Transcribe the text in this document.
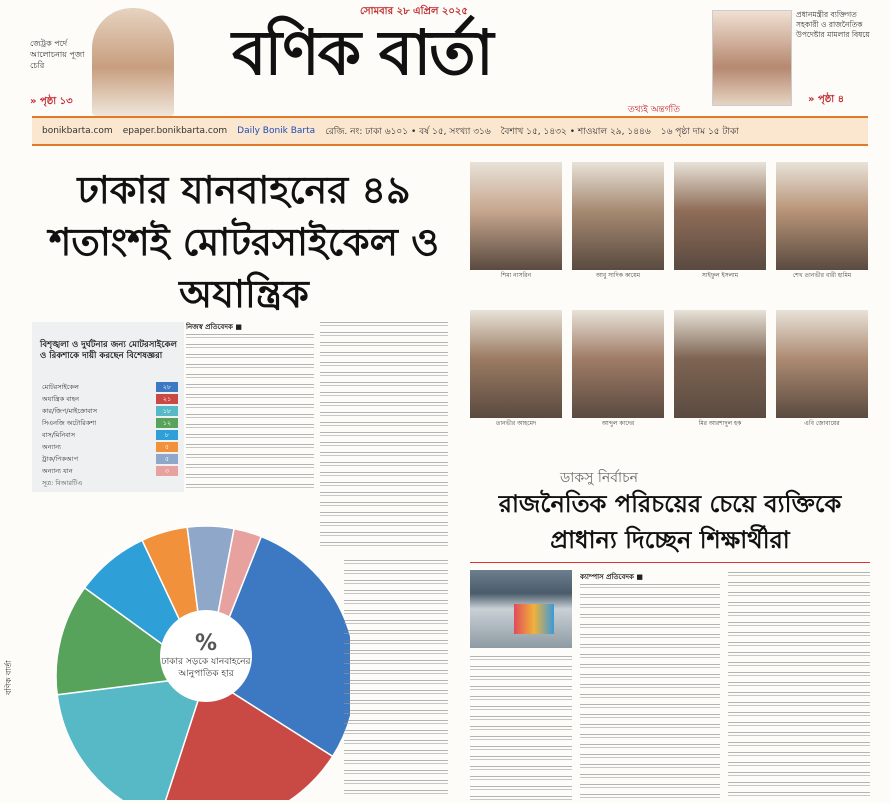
জেট্রক পর্দে আলোচনায় পূজা চেরি
» পৃষ্ঠা ১৩
সোমবার ২৮ এপ্রিল ২০২৫
বণিক বার্তা
তথ্যই অন্তর্গতি
প্রধানমন্ত্রীর ব্যক্তিগত সহকারী ও রাজনৈতিক উপদেষ্টার মামলার বিষয়ে
» পৃষ্ঠা ৪
bonikbarta.com epaper.bonikbarta.com Daily Bonik Barta রেজি. নং: ঢাকা ৬১০১ • বর্ষ ১৫, সংখ্যা ৩১৬ বৈশাখ ১৫, ১৪৩২ • শাওয়াল ২৯, ১৪৪৬ ১৬ পৃষ্ঠা দাম ১৫ টাকা
ঢাকার যানবাহনের ৪৯ শতাংশই মোটরসাইকেল ও অযান্ত্রিক
বিশৃঙ্খলা ও দুর্ঘটনার জন্য মোটরসাইকেল ও রিকশাকে দায়ী করছেন বিশেষজ্ঞরা
মোটরসাইকেল	২৮
অযান্ত্রিক বাহন	২১
কার/জিপ/মাইক্রোবাস	১৮
সিএনজি অটোরিকশা	১২
বাস/মিনিবাস	৮
অন্যান্য	৫
ট্রাক/পিকআপ	৫
অন্যান্য যান	৩
সূত্র: বিআরটিএ
%
ঢাকার সড়কে যানবাহনের আনুপাতিক হার
নিজস্ব প্রতিবেদক ■
বণিক বার্তা
শিমা নাসরিন	আবু সাদিক কায়েম	সাইফুল ইসলাম	শেখ তানভীর বারী হামিম
তানভীর আহমেদ	আব্দুল কাদের	মির আরশাদুল হক	এবি জোবায়ের
ডাকসু নির্বাচন
রাজনৈতিক পরিচয়ের চেয়ে ব্যক্তিকে প্রাধান্য দিচ্ছেন শিক্ষার্থীরা
ক্যাম্পাস প্রতিবেদক ■
